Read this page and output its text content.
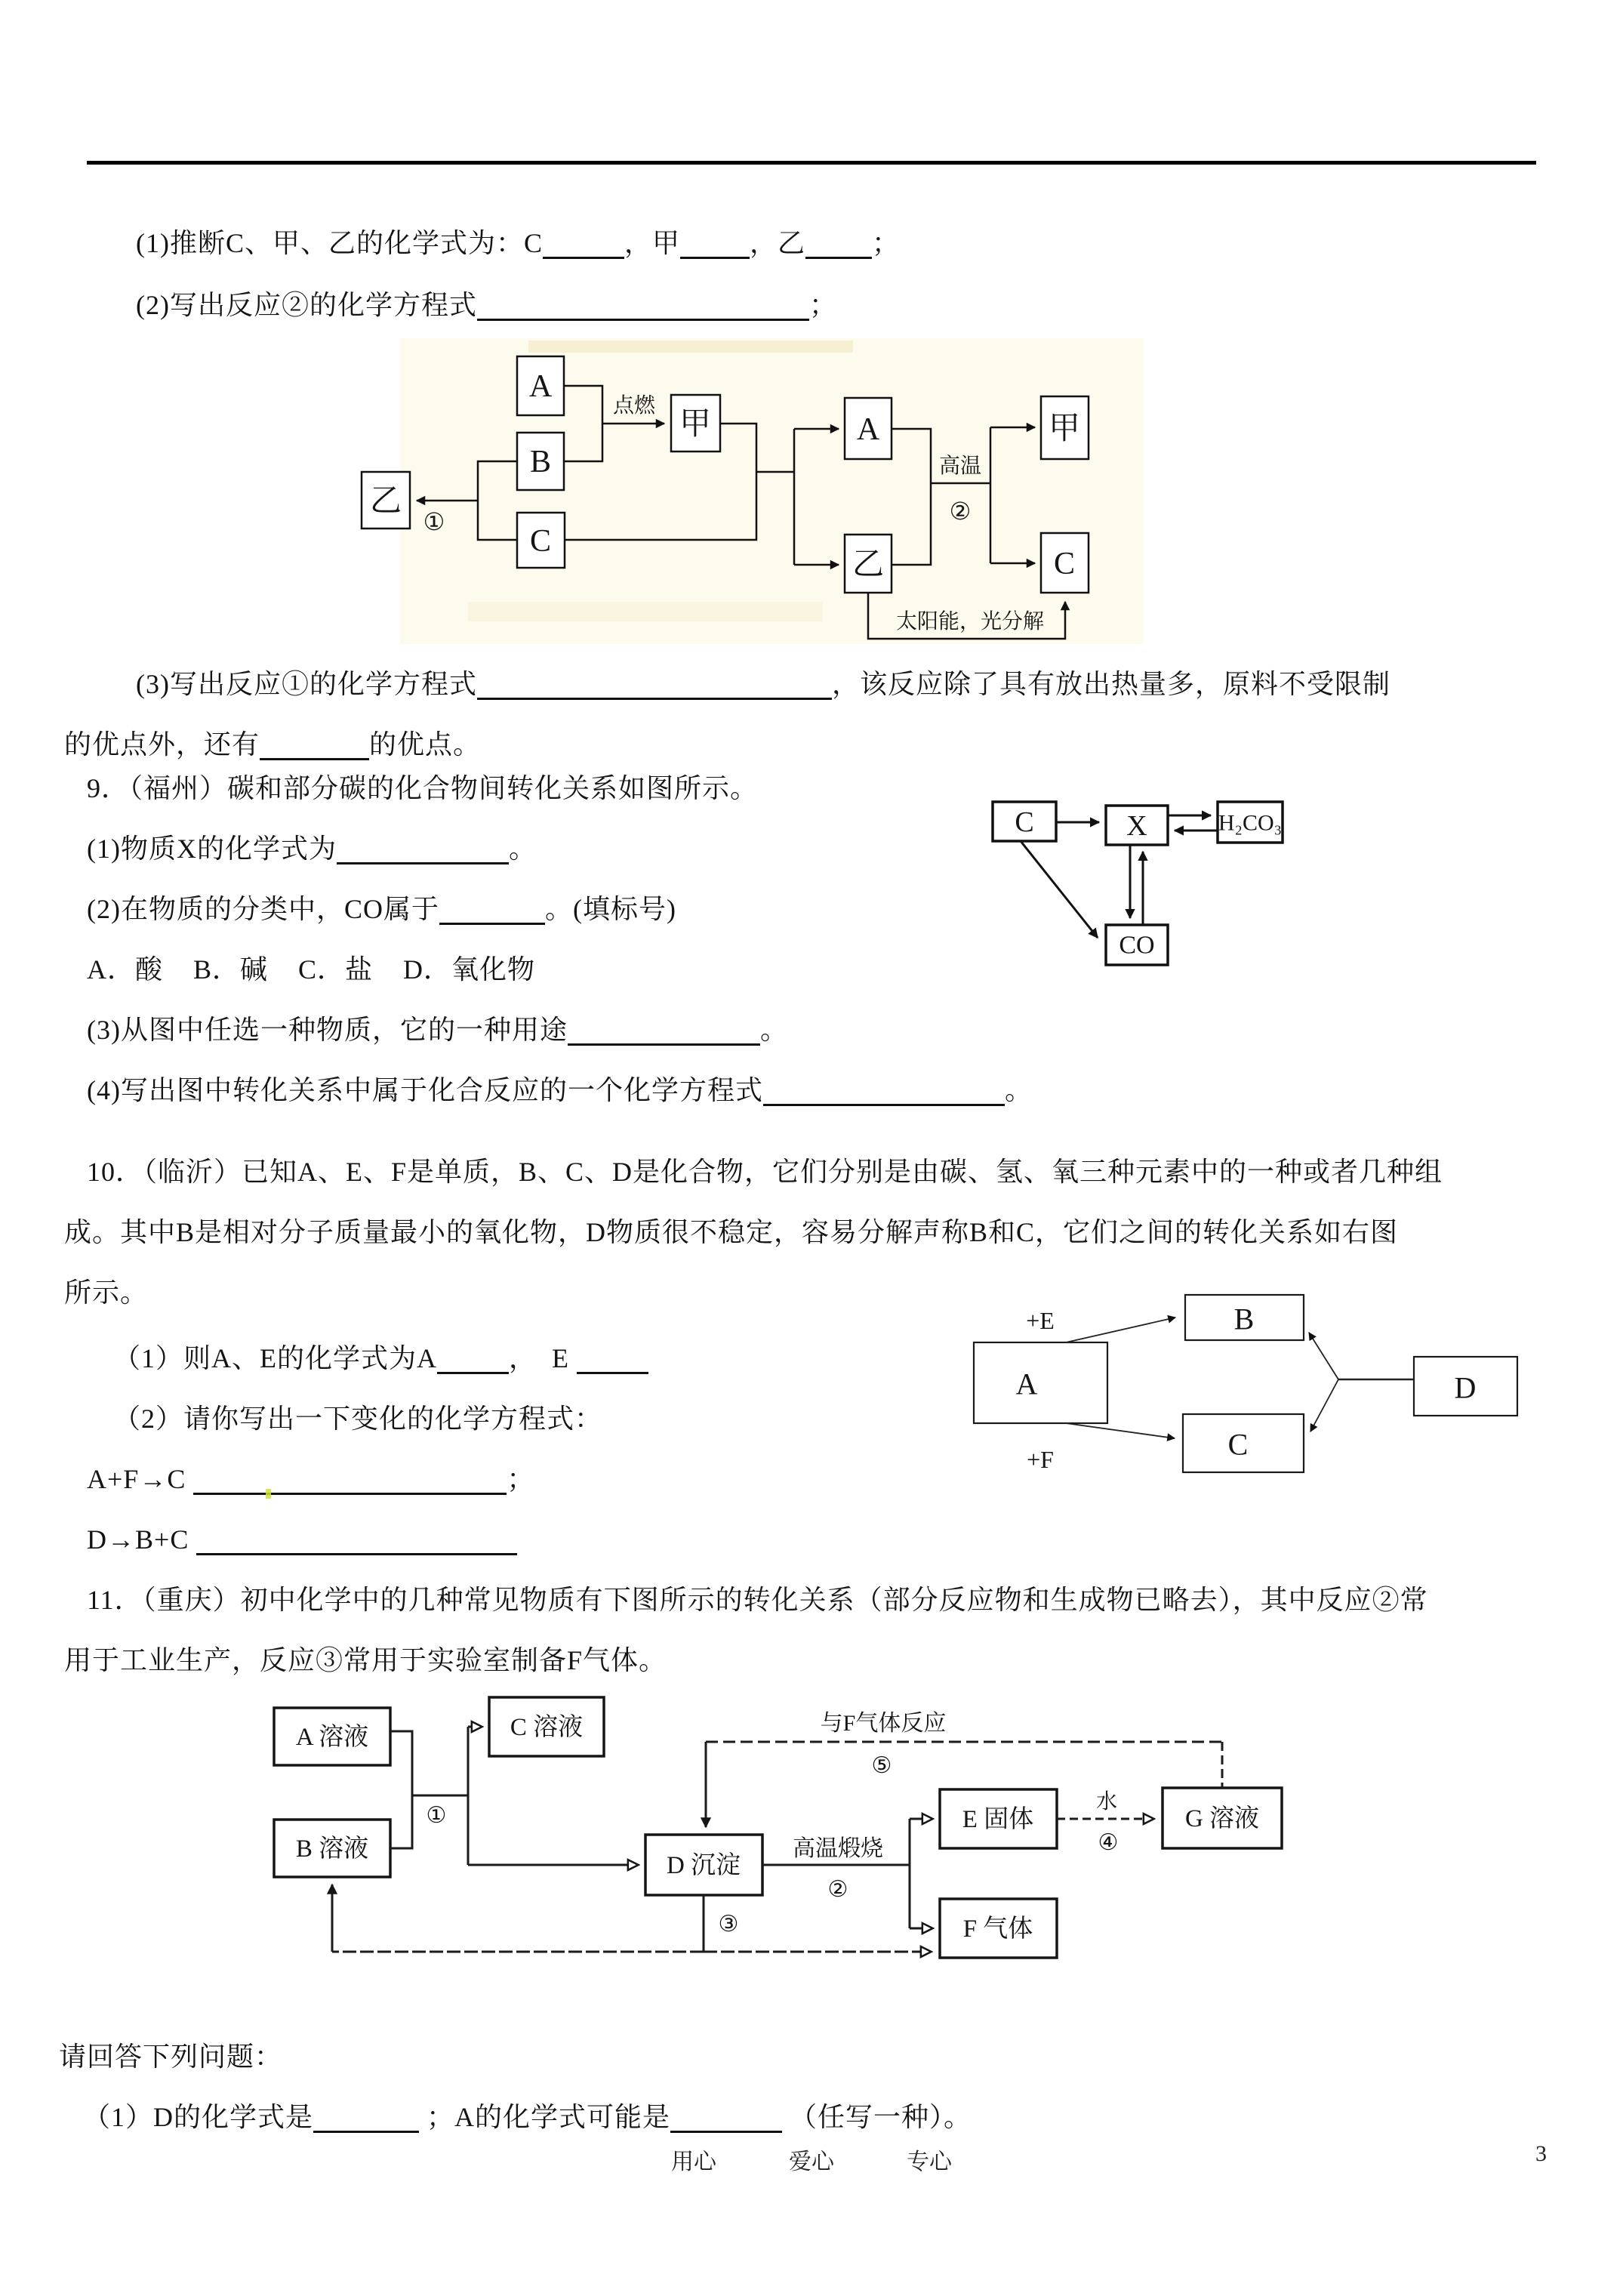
(1)推断C、甲、乙的化学式为：C	，甲	，乙 ；
(2)写出反应②的化学方程式	；
A
B
C
乙
甲	A
乙
甲
C
点燃
①
高温
②
太阳能，光分解
(3)写出反应①的化学方程式	，该反应除了具有放出热量多，原料不受限制
的优点外，还有	的优点。
9．（福州）碳和部分碳的化合物间转化关系如图所示。
(1)物质X的化学式为	。
(2)在物质的分类中，CO属于	。(填标号)
A．酸    B．碱    C．盐    D．氧化物
(3)从图中任选一种物质，它的一种用途	。
(4)写出图中转化关系中属于化合反应的一个化学方程式	。
C	X	H₂CO₃
CO
10．（临沂）已知A、E、F是单质，B、C、D是化合物，它们分别是由碳、氢、氧三种元素中的一种或者几种组
成。其中B是相对分子质量最小的氧化物，D物质很不稳定，容易分解声称B和C，它们之间的转化关系如右图
所示。
（1）则A、E的化学式为A	，  E
（2）请你写出一下变化的化学方程式：
A+F→C	；
D→B+C
A
B
C
D
+E
+F
11．（重庆）初中化学中的几种常见物质有下图所示的转化关系（部分反应物和生成物已略去），其中反应②常
用于工业生产，反应③常用于实验室制备F气体。
A 溶液
B 溶液
C 溶液
D 沉淀
E 固体
F 气体
G 溶液
①
与F气体反应
⑤
高温煅烧
②
水
④
③
请回答下列问题：
（1）D的化学式是	；A的化学式可能是	（任写一种）。
用心	爱心	专心	3
